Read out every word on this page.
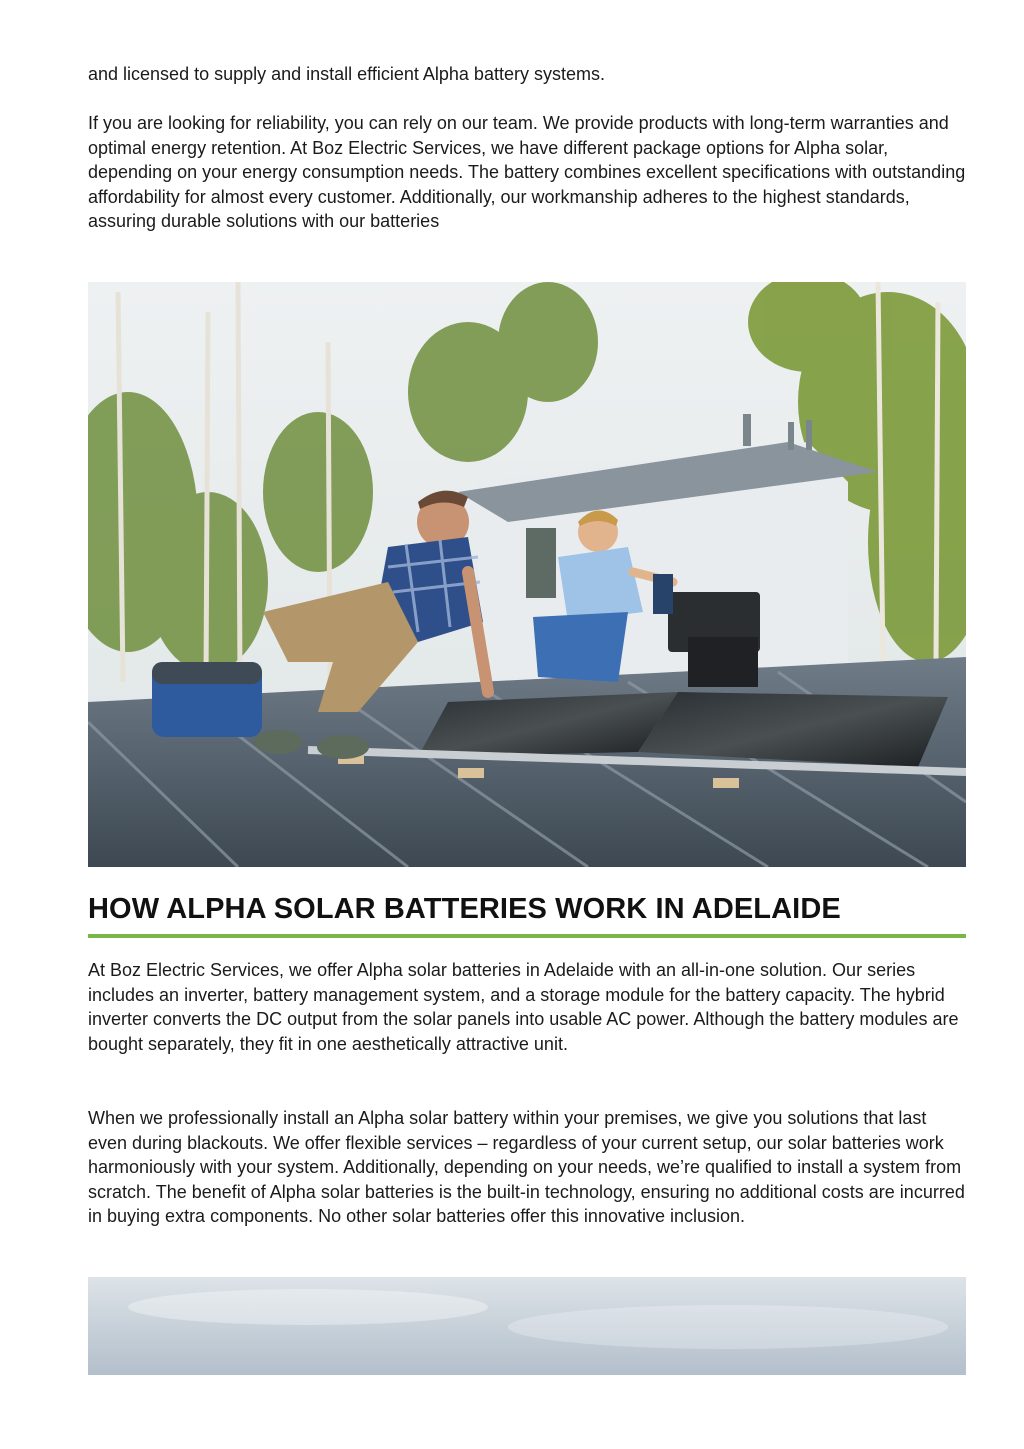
and licensed to supply and install efficient Alpha battery systems.

If you are looking for reliability, you can rely on our team. We provide products with long-term warranties and optimal energy retention. At Boz Electric Services, we have different package options for Alpha solar, depending on your energy consumption needs. The battery combines excellent specifications with outstanding affordability for almost every customer. Additionally, our workmanship adheres to the highest standards, assuring durable solutions with our batteries

HOW ALPHA SOLAR BATTERIES WORK IN ADELAIDE

At Boz Electric Services, we offer Alpha solar batteries in Adelaide with an all-in-one solution. Our series includes an inverter, battery management system, and a storage module for the battery capacity. The hybrid inverter converts the DC output from the solar panels into usable AC power. Although the battery modules are bought separately, they fit in one aesthetically attractive unit.

When we professionally install an Alpha solar battery within your premises, we give you solutions that last even during blackouts. We offer flexible services – regardless of your current setup, our solar batteries work harmoniously with your system. Additionally, depending on your needs, we’re qualified to install a system from scratch. The benefit of Alpha solar batteries is the built-in technology, ensuring no additional costs are incurred in buying extra components. No other solar batteries offer this innovative inclusion.
